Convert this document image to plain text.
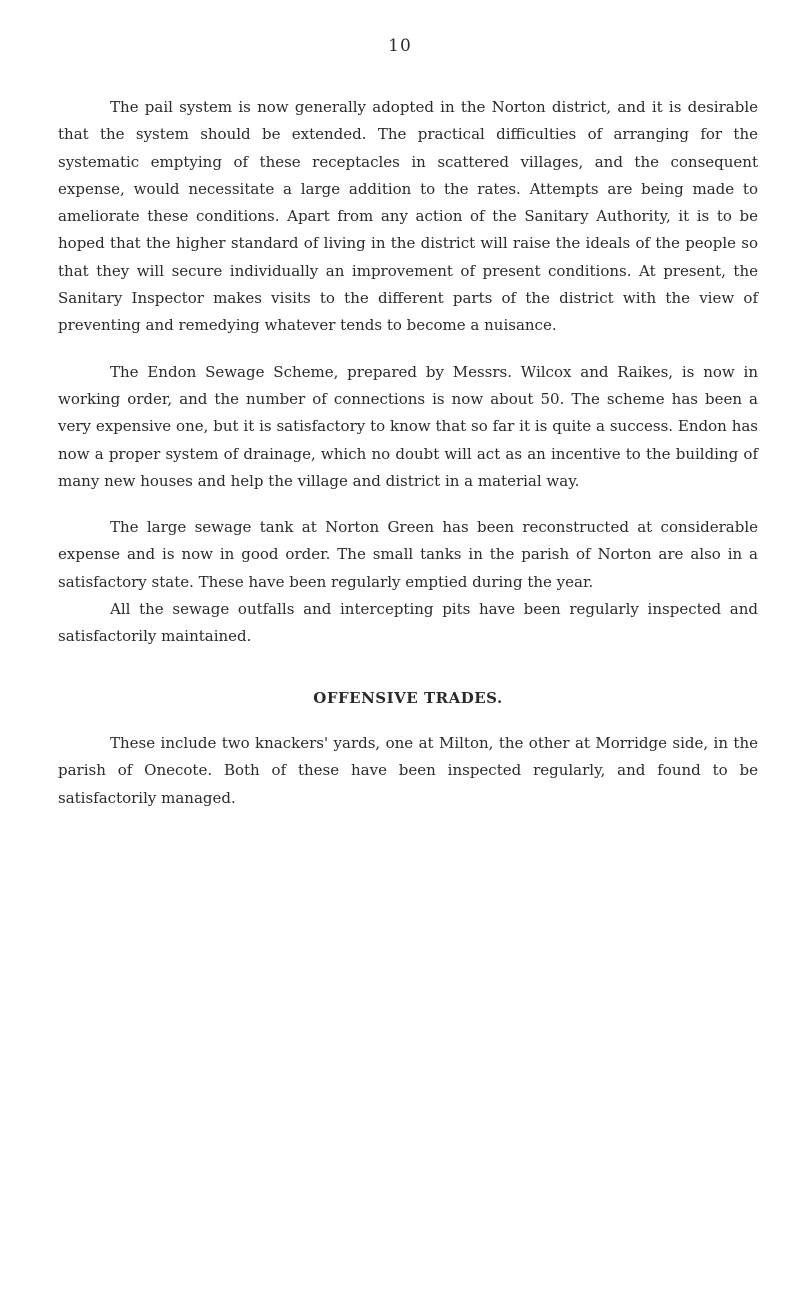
10

The pail system is now generally adopted in the Norton district, and it is desirable that the system should be extended. The practical difficulties of arranging for the systematic emptying of these receptacles in scattered villages, and the consequent expense, would necessitate a large addition to the rates. Attempts are being made to ameliorate these conditions. Apart from any action of the Sanitary Authority, it is to be hoped that the higher standard of living in the district will raise the ideals of the people so that they will secure individually an improvement of present conditions. At present, the Sanitary Inspector makes visits to the different parts of the district with the view of preventing and remedying whatever tends to become a nuisance.

The Endon Sewage Scheme, prepared by Messrs. Wilcox and Raikes, is now in working order, and the number of connections is now about 50. The scheme has been a very expensive one, but it is satisfactory to know that so far it is quite a success. Endon has now a proper system of drainage, which no doubt will act as an incentive to the building of many new houses and help the village and district in a material way.

The large sewage tank at Norton Green has been reconstructed at considerable expense and is now in good order. The small tanks in the parish of Norton are also in a satisfactory state. These have been regularly emptied during the year.

All the sewage outfalls and intercepting pits have been regularly inspected and satisfactorily maintained.

OFFENSIVE TRADES.

These include two knackers' yards, one at Milton, the other at Morridge side, in the parish of Onecote. Both of these have been inspected regularly, and found to be satisfactorily managed.
